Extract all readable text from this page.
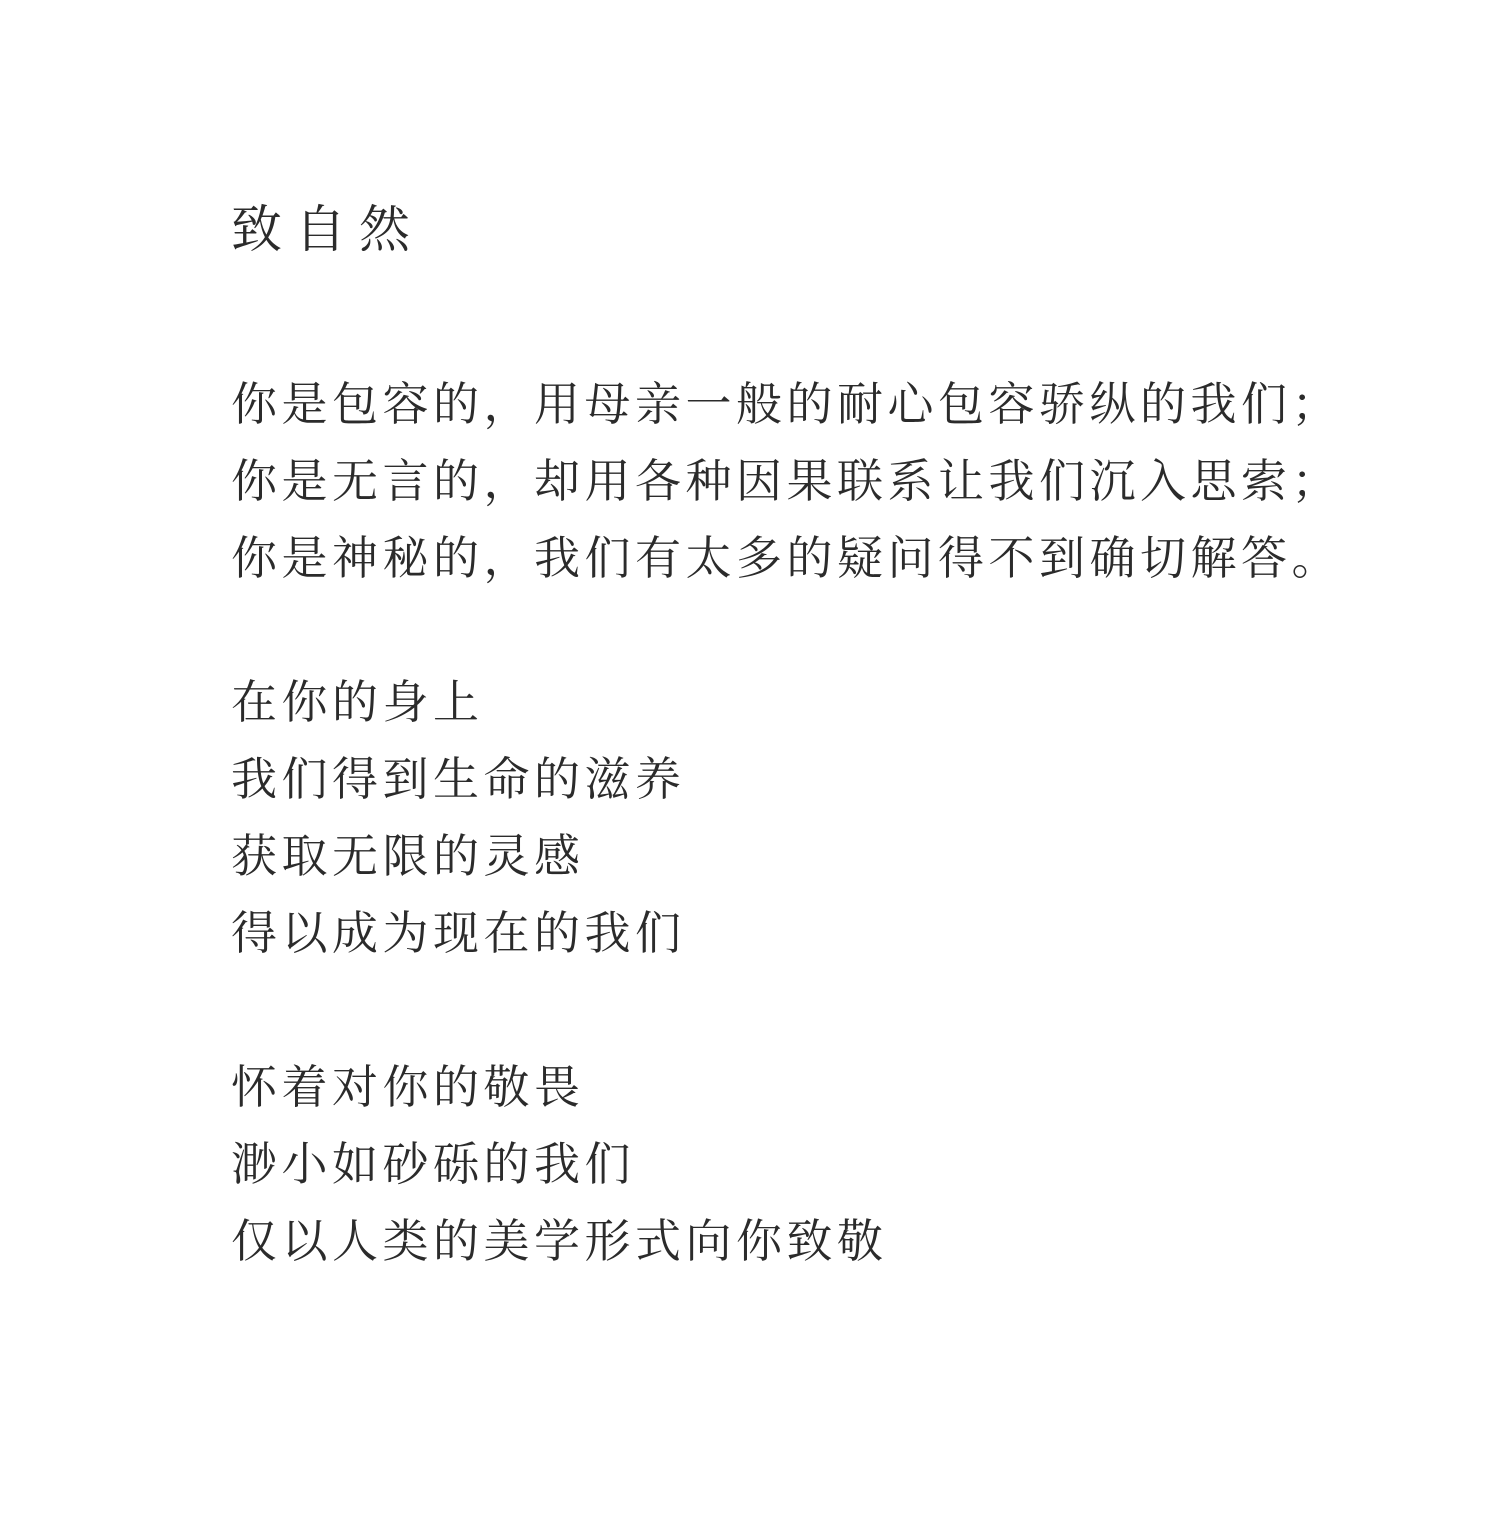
致自然
你是包容的，用母亲一般的耐心包容骄纵的我们；
你是无言的，却用各种因果联系让我们沉入思索；
你是神秘的，我们有太多的疑问得不到确切解答。
在你的身上
我们得到生命的滋养
获取无限的灵感
得以成为现在的我们
怀着对你的敬畏
渺小如砂砾的我们
仅以人类的美学形式向你致敬
